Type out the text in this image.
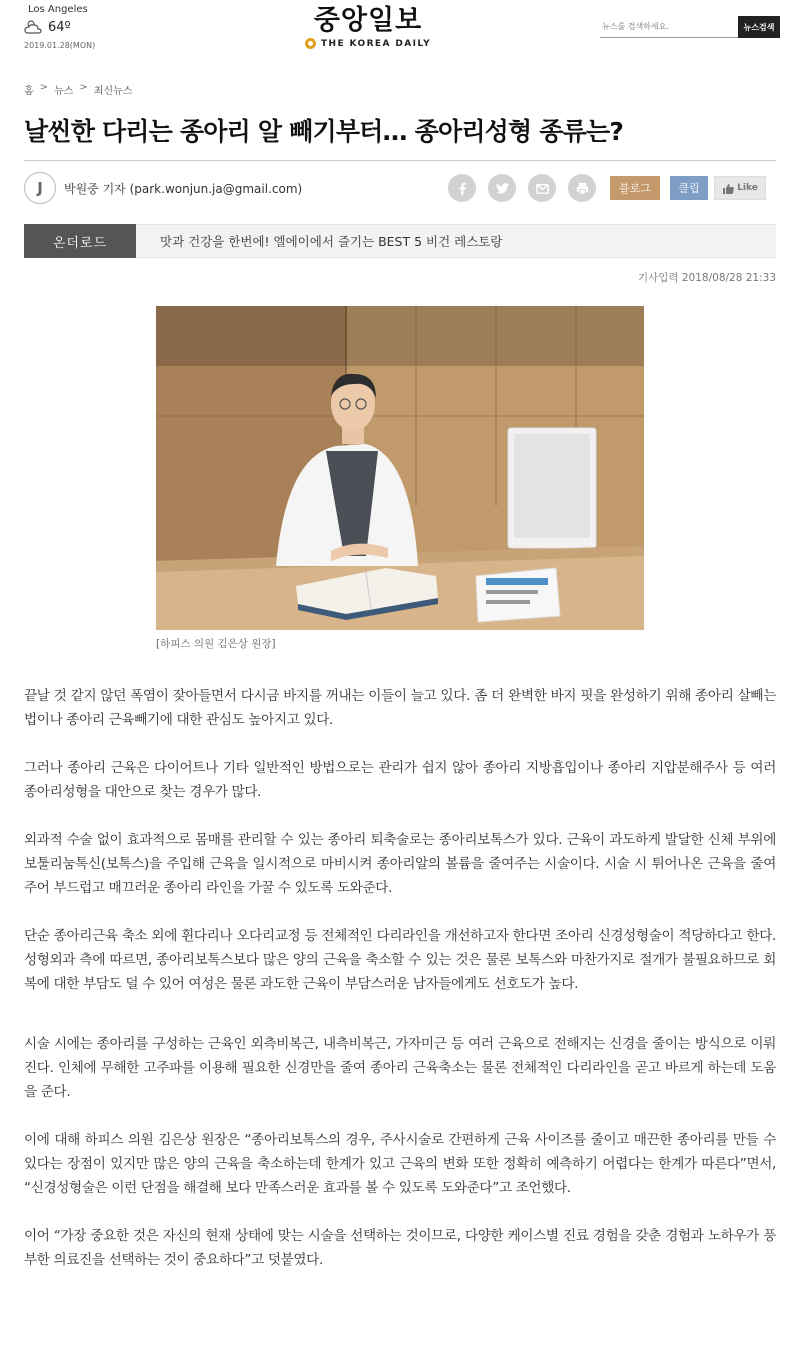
Los Angeles
64º
2019.01.28(MON)
중앙일보
THE KOREA DAILY
뉴스를 검색하세요.
뉴스검색
홈 > 뉴스 > 최신뉴스
날씬한 다리는 종아리 알 빼기부터… 종아리성형 종류는?
J	박원중 기자 (park.wonjun.ja@gmail.com)	블로그	클립	Like
온더로드	맛과 건강을 한번에! 엘에이에서 즐기는 BEST 5 비건 레스토랑
기사입력 2018/08/28 21:33
[하피스 의원 김은상 원장]

끝날 것 같지 않던 폭염이 잦아들면서 다시금 바지를 꺼내는 이들이 늘고 있다. 좀 더 완벽한 바지 핏을 완성하기 위해 종아리 살빼는 법이나 종아리 근육빼기에 대한 관심도 높아지고 있다.

그러나 종아리 근육은 다이어트나 기타 일반적인 방법으로는 관리가 쉽지 않아 종아리 지방흡입이나 종아리 지압분해주사 등 여러 종아리성형을 대안으로 찾는 경우가 많다.

외과적 수술 없이 효과적으로 몸매를 관리할 수 있는 종아리 퇴축술로는 종아리보톡스가 있다. 근육이 과도하게 발달한 신체 부위에 보툴리눔톡신(보톡스)을 주입해 근육을 일시적으로 마비시켜 종아리알의 볼륨을 줄여주는 시술이다. 시술 시 튀어나온 근육을 줄여주어 부드럽고 매끄러운 종아리 라인을 가꿀 수 있도록 도와준다.

단순 종아리근육 축소 외에 휜다리나 오다리교정 등 전체적인 다리라인을 개선하고자 한다면 조아리 신경성형술이 적당하다고 한다. 성형외과 측에 따르면, 종아리보톡스보다 많은 양의 근육을 축소할 수 있는 것은 물론 보톡스와 마찬가지로 절개가 불필요하므로 회복에 대한 부담도 덜 수 있어 여성은 물론 과도한 근육이 부담스러운 남자들에게도 선호도가 높다.

시술 시에는 종아리를 구성하는 근육인 외측비복근, 내측비복근, 가자미근 등 여러 근육으로 전해지는 신경을 줄이는 방식으로 이뤄진다. 인체에 무해한 고주파를 이용해 필요한 신경만을 줄여 종아리 근육축소는 물론 전체적인 다리라인을 곧고 바르게 하는데 도움을 준다.

이에 대해 하피스 의원 김은상 원장은 “종아리보톡스의 경우, 주사시술로 간편하게 근육 사이즈를 줄이고 매끈한 종아리를 만들 수 있다는 장점이 있지만 많은 양의 근육을 축소하는데 한계가 있고 근육의 변화 또한 정확히 예측하기 어렵다는 한계가 따른다”면서, “신경성형술은 이런 단점을 해결해 보다 만족스러운 효과를 볼 수 있도록 도와준다”고 조언했다.

이어 “가장 중요한 것은 자신의 현재 상태에 맞는 시술을 선택하는 것이므로, 다양한 케이스별 진료 경험을 갖춘 경험과 노하우가 풍부한 의료진을 선택하는 것이 중요하다”고 덧붙였다.
